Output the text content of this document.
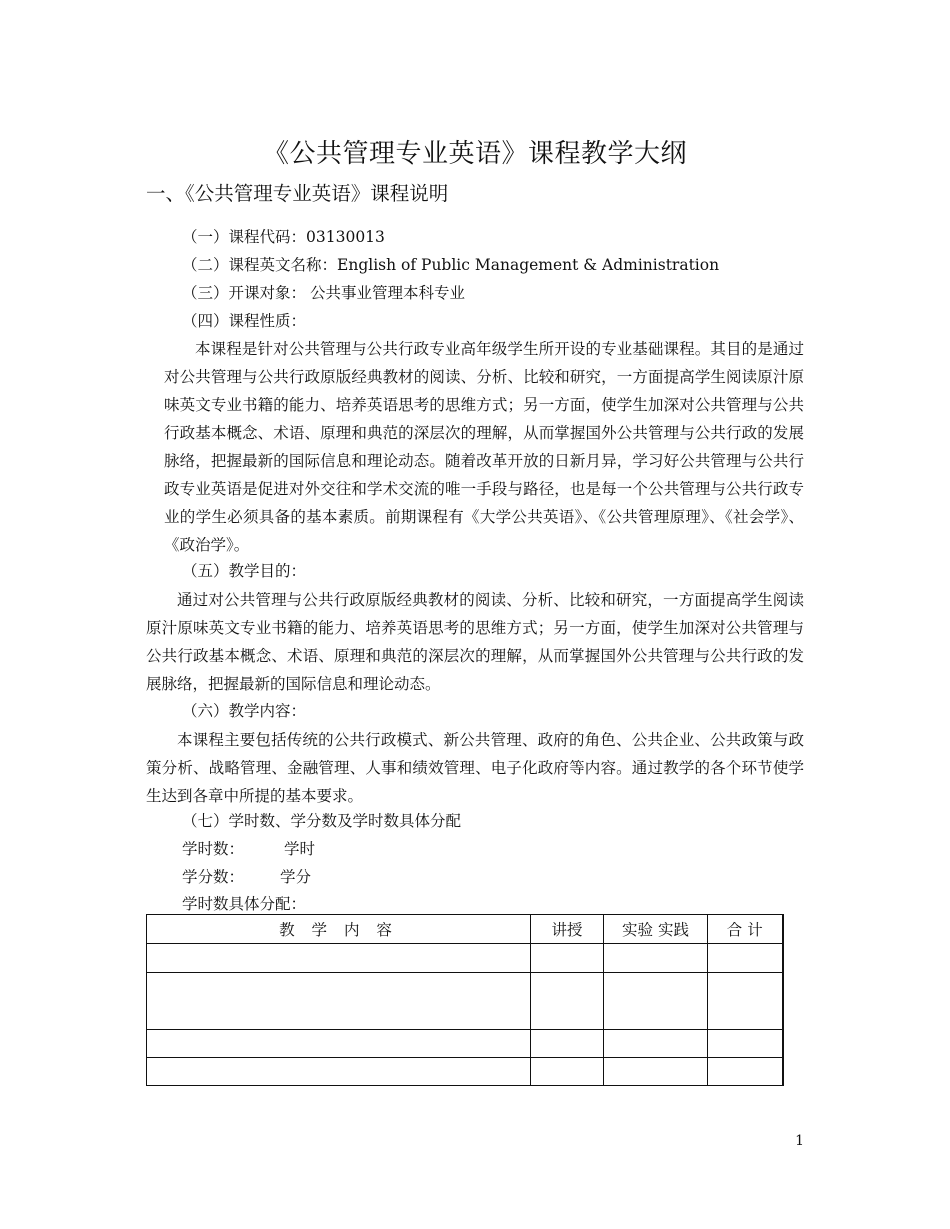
《公共管理专业英语》课程教学大纲
一、《公共管理专业英语》课程说明
（一）课程代码：03130013
（二）课程英文名称：English of Public Management & Administration
（三）开课对象： 公共事业管理本科专业
（四）课程性质：

本课程是针对公共管理与公共行政专业高年级学生所开设的专业基础课程。其目的是通过对公共管理与公共行政原版经典教材的阅读、分析、比较和研究，一方面提高学生阅读原汁原味英文专业书籍的能力、培养英语思考的思维方式；另一方面，使学生加深对公共管理与公共行政基本概念、术语、原理和典范的深层次的理解，从而掌握国外公共管理与公共行政的发展脉络，把握最新的国际信息和理论动态。随着改革开放的日新月异，学习好公共管理与公共行政专业英语是促进对外交往和学术交流的唯一手段与路径，也是每一个公共管理与公共行政专业的学生必须具备的基本素质。前期课程有《大学公共英语》、《公共管理原理》、《社会学》、《政治学》。

（五）教学目的：

通过对公共管理与公共行政原版经典教材的阅读、分析、比较和研究，一方面提高学生阅读原汁原味英文专业书籍的能力、培养英语思考的思维方式；另一方面，使学生加深对公共管理与公共行政基本概念、术语、原理和典范的深层次的理解，从而掌握国外公共管理与公共行政的发展脉络，把握最新的国际信息和理论动态。

（六）教学内容：

本课程主要包括传统的公共行政模式、新公共管理、政府的角色、公共企业、公共政策与政策分析、战略管理、金融管理、人事和绩效管理、电子化政府等内容。通过教学的各个环节使学生达到各章中所提的基本要求。

（七）学时数、学分数及学时数具体分配
学时数：	学时
学分数： 学分
学时数具体分配：
教 学 内 容	讲授	实验 实践	合 计

1
